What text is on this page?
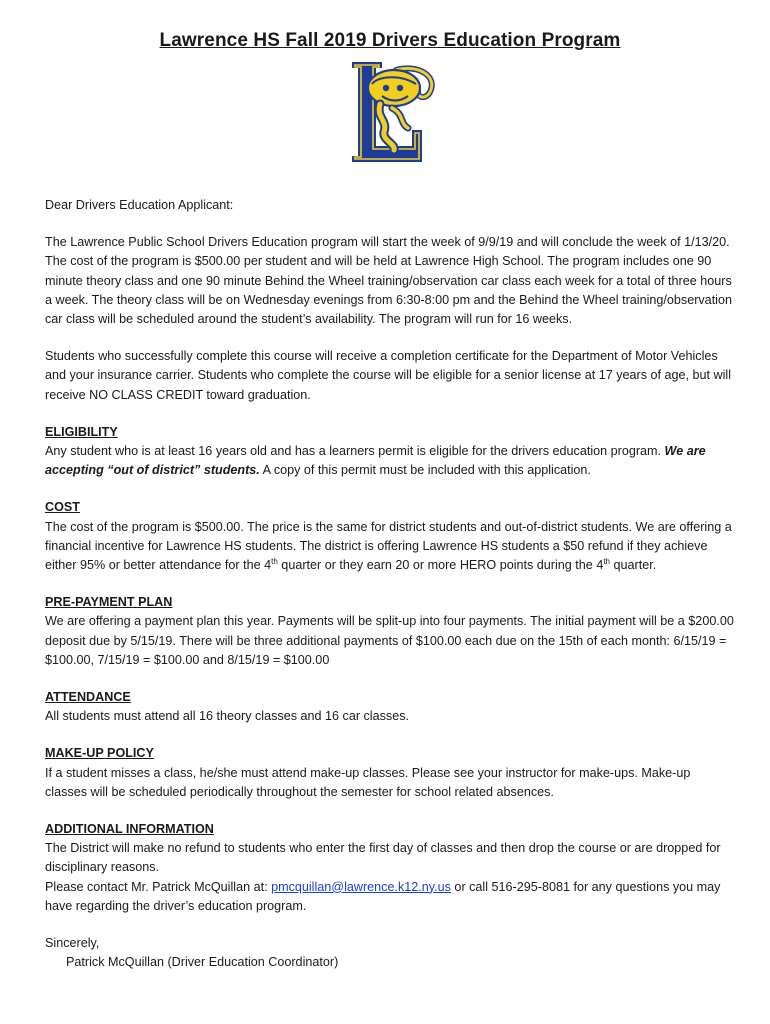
Lawrence HS Fall 2019 Drivers Education Program

Dear Drivers Education Applicant:

The Lawrence Public School Drivers Education program will start the week of 9/9/19 and will conclude the week of 1/13/20. The cost of the program is $500.00 per student and will be held at Lawrence High School. The program includes one 90 minute theory class and one 90 minute Behind the Wheel training/observation car class each week for a total of three hours a week. The theory class will be on Wednesday evenings from 6:30-8:00 pm and the Behind the Wheel training/observation car class will be scheduled around the student’s availability. The program will run for 16 weeks.

Students who successfully complete this course will receive a completion certificate for the Department of Motor Vehicles and your insurance carrier. Students who complete the course will be eligible for a senior license at 17 years of age, but will receive NO CLASS CREDIT toward graduation.

ELIGIBILITY

Any student who is at least 16 years old and has a learners permit is eligible for the drivers education program. We are accepting “out of district” students. A copy of this permit must be included with this application.

COST

The cost of the program is $500.00. The price is the same for district students and out-of-district students. We are offering a financial incentive for Lawrence HS students. The district is offering Lawrence HS students a $50 refund if they achieve either 95% or better attendance for the 4th quarter or they earn 20 or more HERO points during the 4th quarter.

PRE-PAYMENT PLAN

We are offering a payment plan this year. Payments will be split-up into four payments. The initial payment will be a $200.00 deposit due by 5/15/19. There will be three additional payments of $100.00 each due on the 15th of each month: 6/15/19 = $100.00, 7/15/19 = $100.00 and 8/15/19 = $100.00

ATTENDANCE

All students must attend all 16 theory classes and 16 car classes.

MAKE-UP POLICY

If a student misses a class, he/she must attend make-up classes. Please see your instructor for make-ups. Make-up classes will be scheduled periodically throughout the semester for school related absences.

ADDITIONAL INFORMATION

The District will make no refund to students who enter the first day of classes and then drop the course or are dropped for disciplinary reasons.

Please contact Mr. Patrick McQuillan at: pmcquillan@lawrence.k12.ny.us or call 516-295-8081 for any questions you may have regarding the driver’s education program.

Sincerely,

Patrick McQuillan (Driver Education Coordinator)
